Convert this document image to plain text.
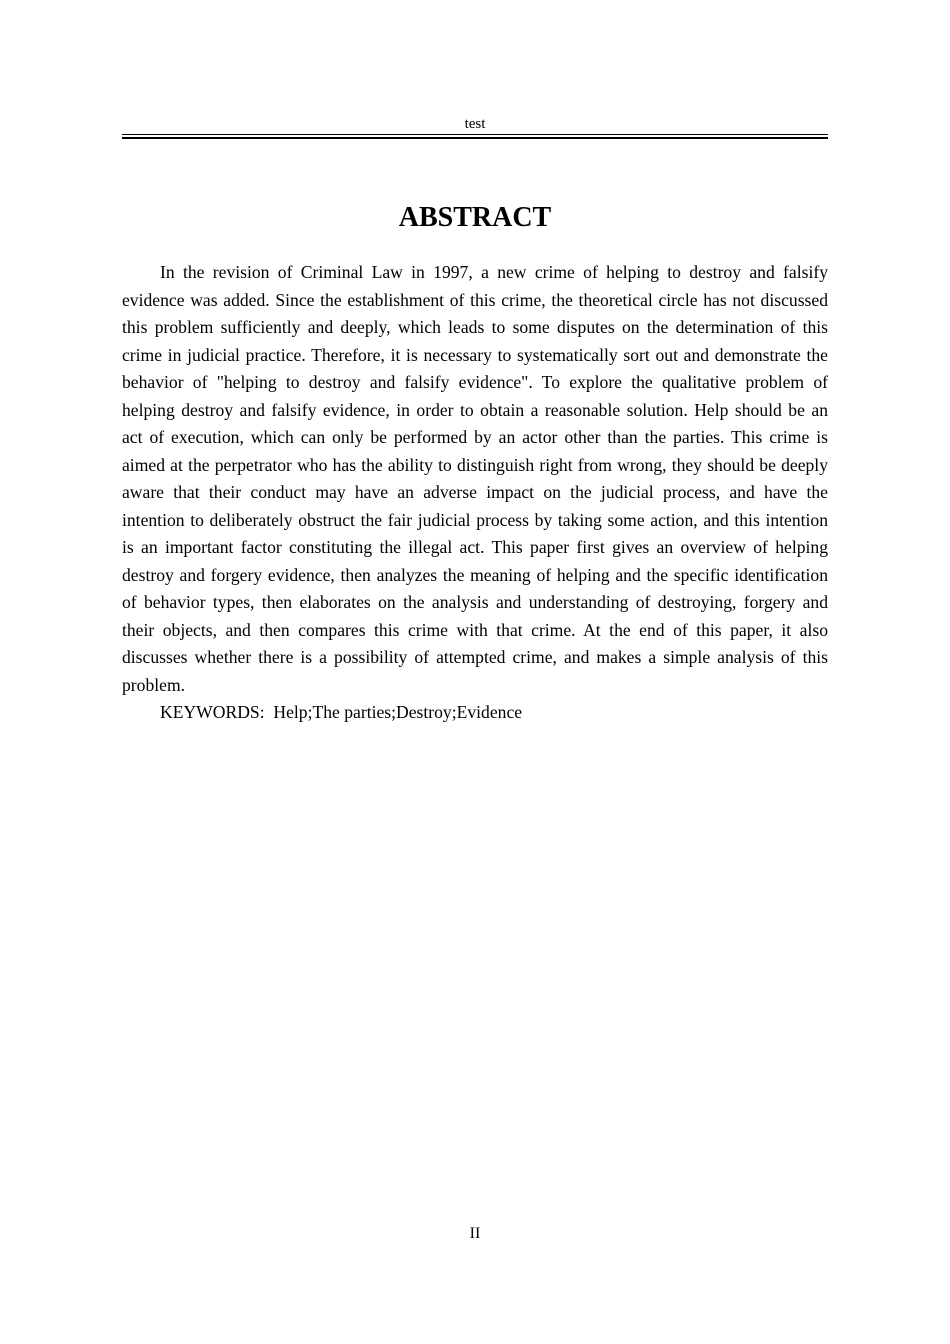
test
ABSTRACT

In the revision of Criminal Law in 1997, a new crime of helping to destroy and falsify evidence was added. Since the establishment of this crime, the theoretical circle has not discussed this problem sufficiently and deeply, which leads to some disputes on the determination of this crime in judicial practice. Therefore, it is necessary to systematically sort out and demonstrate the behavior of "helping to destroy and falsify evidence". To explore the qualitative problem of helping destroy and falsify evidence, in order to obtain a reasonable solution. Help should be an act of execution, which can only be performed by an actor other than the parties. This crime is aimed at the perpetrator who has the ability to distinguish right from wrong, they should be deeply aware that their conduct may have an adverse impact on the judicial process, and have the intention to deliberately obstruct the fair judicial process by taking some action, and this intention is an important factor constituting the illegal act. This paper first gives an overview of helping destroy and forgery evidence, then analyzes the meaning of helping and the specific identification of behavior types, then elaborates on the analysis and understanding of destroying, forgery and their objects, and then compares this crime with that crime. At the end of this paper, it also discusses whether there is a possibility of attempted crime, and makes a simple analysis of this problem.

KEYWORDS: Help;The parties;Destroy;Evidence

II
